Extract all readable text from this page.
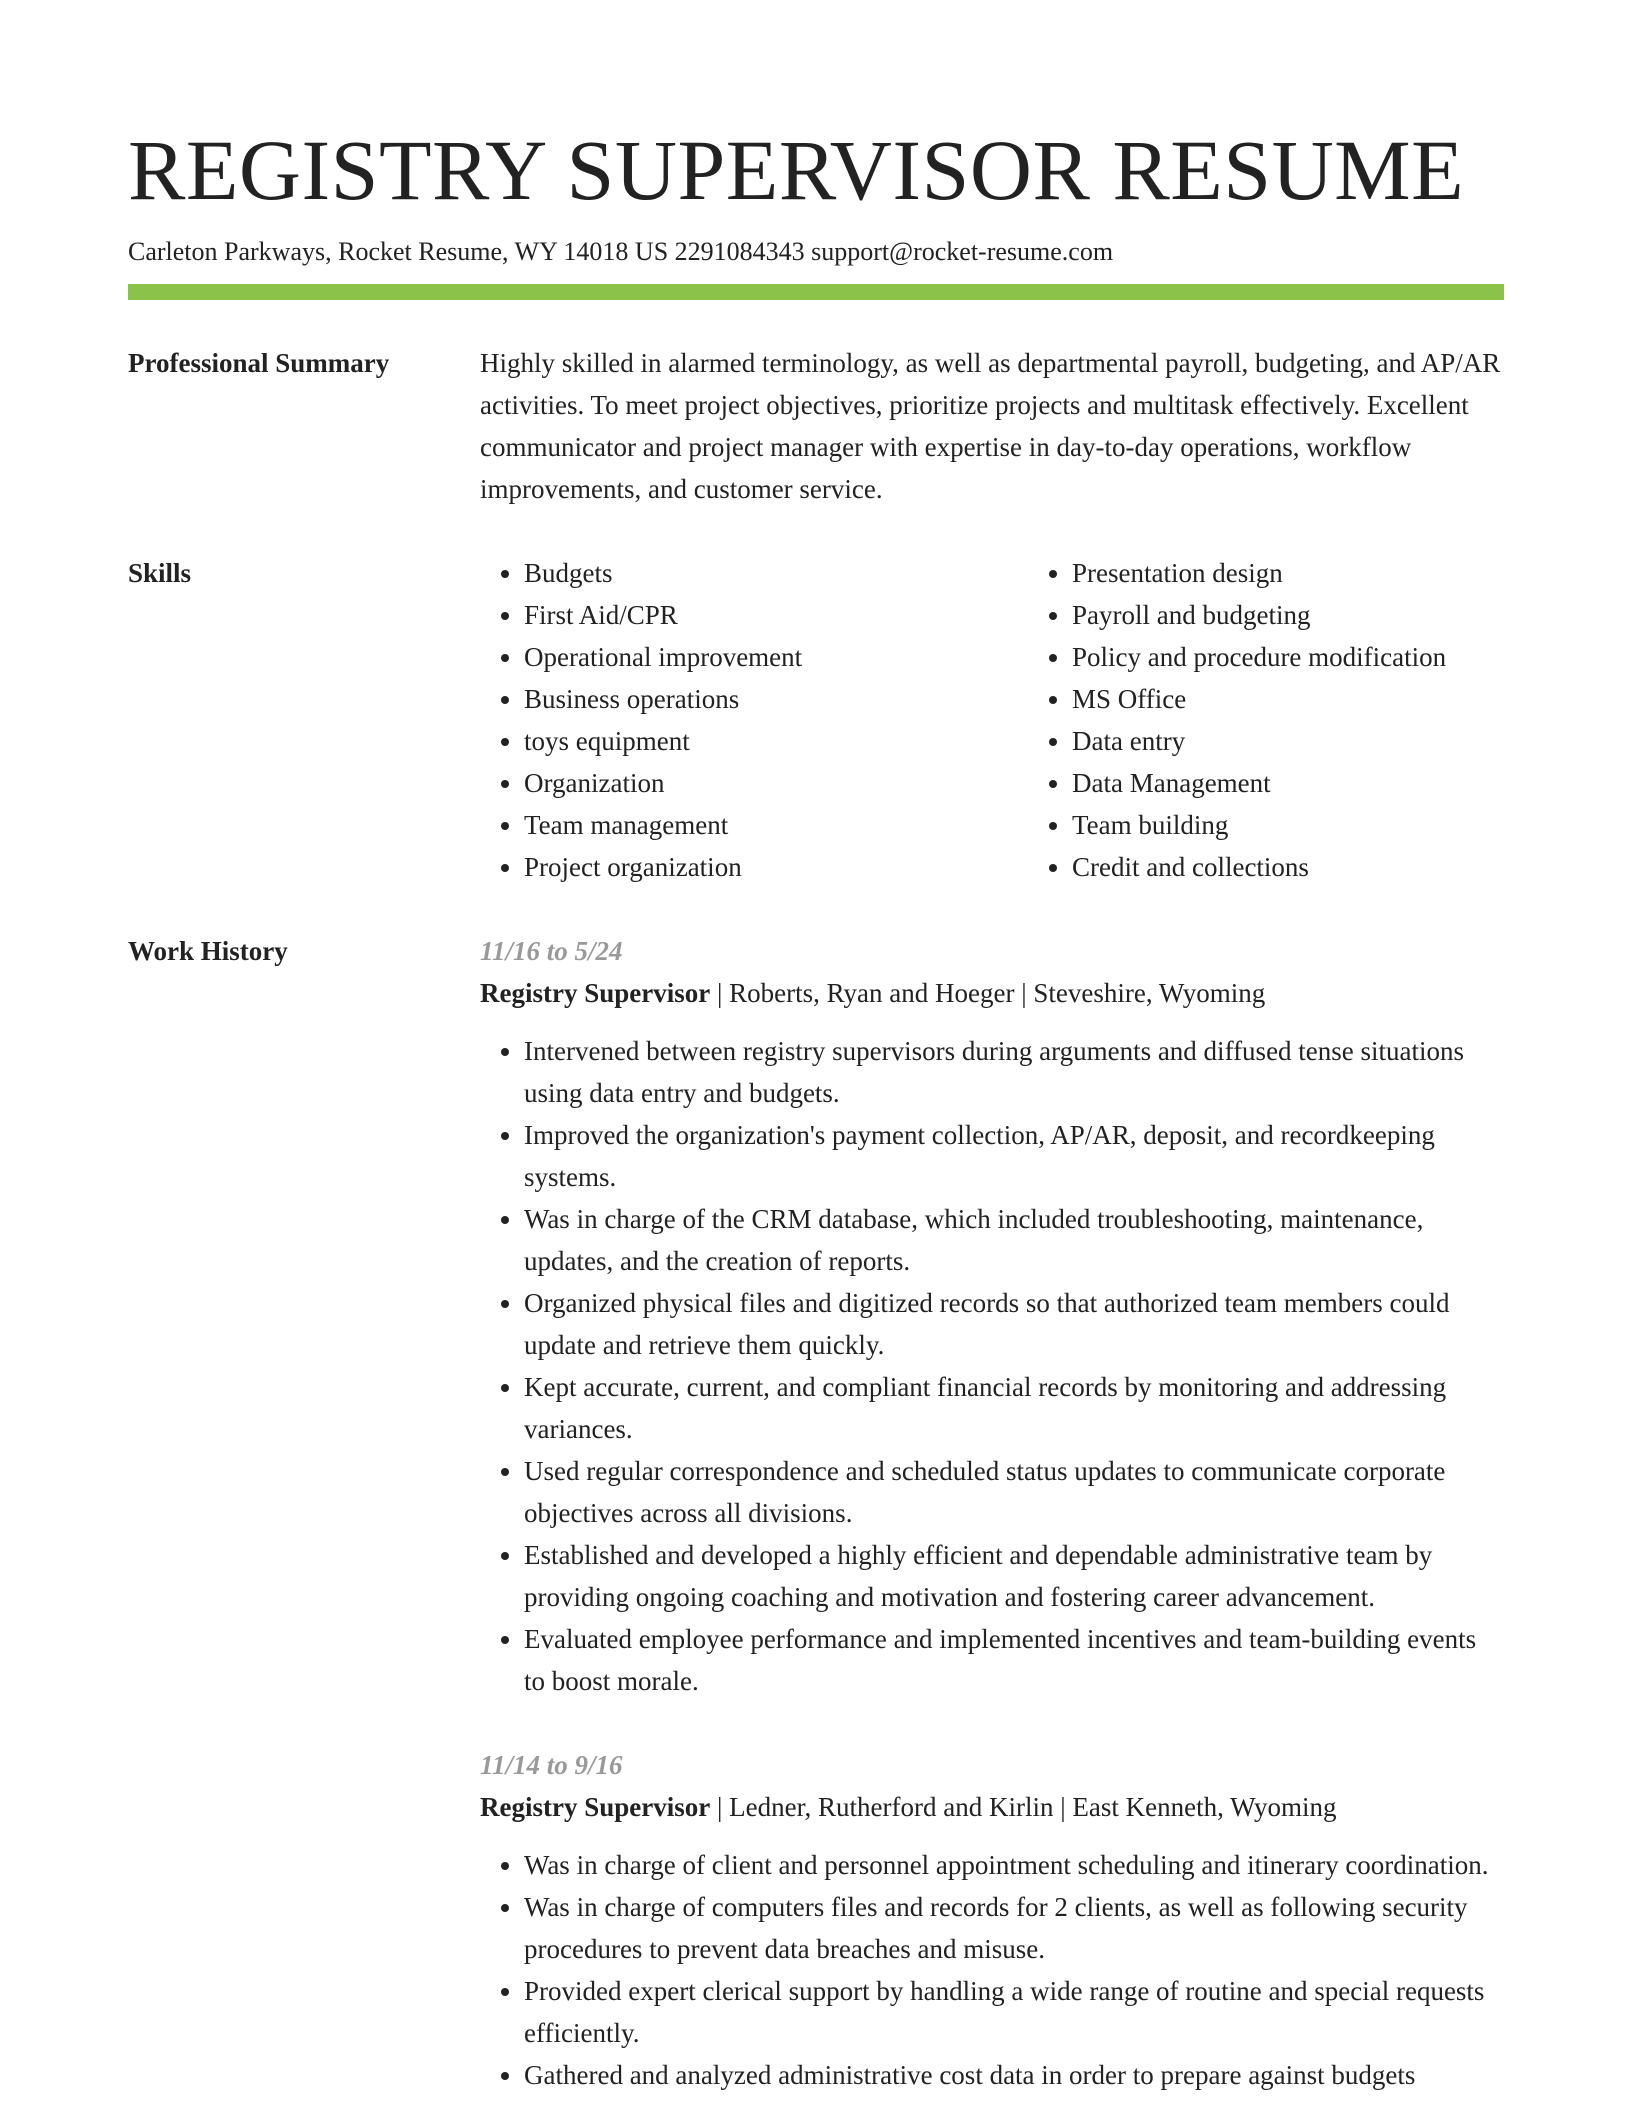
REGISTRY SUPERVISOR RESUME
Carleton Parkways, Rocket Resume, WY 14018 US 2291084343 support@rocket-resume.com
Professional Summary	Highly skilled in alarmed terminology, as well as departmental payroll, budgeting, and AP/AR activities. To meet project objectives, prioritize projects and multitask effectively. Excellent communicator and project manager with expertise in day-to-day operations, workflow improvements, and customer service.

Skills
•	Budgets
• First Aid/CPR
• Operational improvement
• Business operations
• toys equipment
• Organization
• Team management
• Project organization
• Presentation design
• Payroll and budgeting
• Policy and procedure modification
• MS Office
• Data entry
• Data Management
• Team building
• Credit and collections
Work History	11/16 to 5/24
Registry Supervisor | Roberts, Ryan and Hoeger | Steveshire, Wyoming
• Intervened between registry supervisors during arguments and diffused tense situations using data entry and budgets.
• Improved the organization's payment collection, AP/AR, deposit, and recordkeeping systems.
• Was in charge of the CRM database, which included troubleshooting, maintenance, updates, and the creation of reports.
• Organized physical files and digitized records so that authorized team members could update and retrieve them quickly.
• Kept accurate, current, and compliant financial records by monitoring and addressing variances.
• Used regular correspondence and scheduled status updates to communicate corporate objectives across all divisions.
• Established and developed a highly efficient and dependable administrative team by providing ongoing coaching and motivation and fostering career advancement.
• Evaluated employee performance and implemented incentives and team-building events to boost morale.
11/14 to 9/16
Registry Supervisor | Ledner, Rutherford and Kirlin | East Kenneth, Wyoming
• Was in charge of client and personnel appointment scheduling and itinerary coordination.
• Was in charge of computers files and records for 2 clients, as well as following security procedures to prevent data breaches and misuse.
• Provided expert clerical support by handling a wide range of routine and special requests efficiently.
• Gathered and analyzed administrative cost data in order to prepare against budgets
